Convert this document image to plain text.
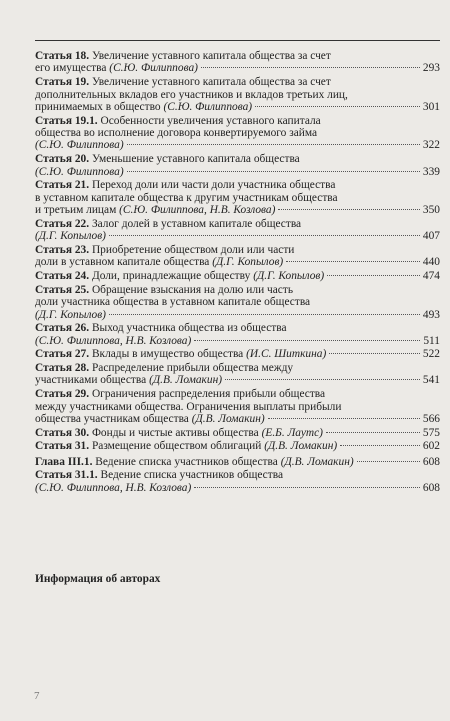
Статья 18. Увеличение уставного капитала общества за счет
его имущества (С.Ю. Филиппова)	293
Статья 19. Увеличение уставного капитала общества за счет
дополнительных вкладов его участников и вкладов третьих лиц,
принимаемых в общество (С.Ю. Филиппова)	301
Статья 19.1. Особенности увеличения уставного капитала
общества во исполнение договора конвертируемого займа
(С.Ю. Филиппова)	322
Статья 20. Уменьшение уставного капитала общества
(С.Ю. Филиппова)	339
Статья 21. Переход доли или части доли участника общества
в уставном капитале общества к другим участникам общества
и третьим лицам (С.Ю. Филиппова, Н.В. Козлова)	350
Статья 22. Залог долей в уставном капитале общества
(Д.Г. Копылов)	407
Статья 23. Приобретение обществом доли или части
доли в уставном капитале общества (Д.Г. Копылов)	440
Статья 24. Доли, принадлежащие обществу (Д.Г. Копылов)	474
Статья 25. Обращение взыскания на долю или часть
доли участника общества в уставном капитале общества
(Д.Г. Копылов)	493
Статья 26. Выход участника общества из общества
(С.Ю. Филиппова, Н.В. Козлова)	511
Статья 27. Вклады в имущество общества (И.С. Шиткина)	522
Статья 28. Распределение прибыли общества между
участниками общества (Д.В. Ломакин)	541
Статья 29. Ограничения распределения прибыли общества
между участниками общества. Ограничения выплаты прибыли
общества участникам общества (Д.В. Ломакин)	566
Статья 30. Фонды и чистые активы общества (Е.Б. Лаутс)	575
Статья 31. Размещение обществом облигаций (Д.В. Ломакин)	602
Глава III.1. Ведение списка участников общества (Д.В. Ломакин)	608
Статья 31.1. Ведение списка участников общества
(С.Ю. Филиппова, Н.В. Козлова)	608
Информация об авторах
7
